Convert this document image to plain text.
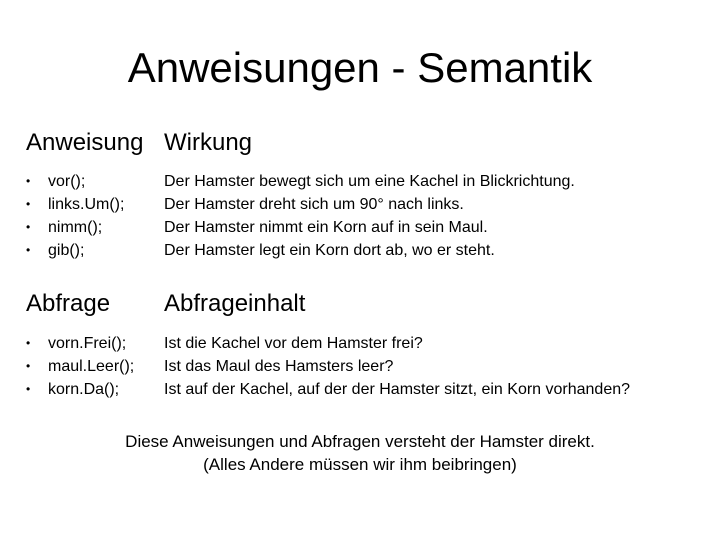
Anweisungen - Semantik
Anweisung Wirkung
• vor();
• links.Um();
• nimm();
• gib();
Der Hamster bewegt sich um eine Kachel in Blickrichtung.
Der Hamster dreht sich um 90° nach links.
Der Hamster nimmt ein Korn auf in sein Maul.
Der Hamster legt ein Korn dort ab, wo er steht.
Abfrage Abfrageinhalt
• vorn.Frei();
• maul.Leer();
• korn.Da();
Ist die Kachel vor dem Hamster frei?
Ist das Maul des Hamsters leer?
Ist auf der Kachel, auf der der Hamster sitzt, ein Korn vorhanden?
Diese Anweisungen und Abfragen versteht der Hamster direkt.
(Alles Andere müssen wir ihm beibringen)
